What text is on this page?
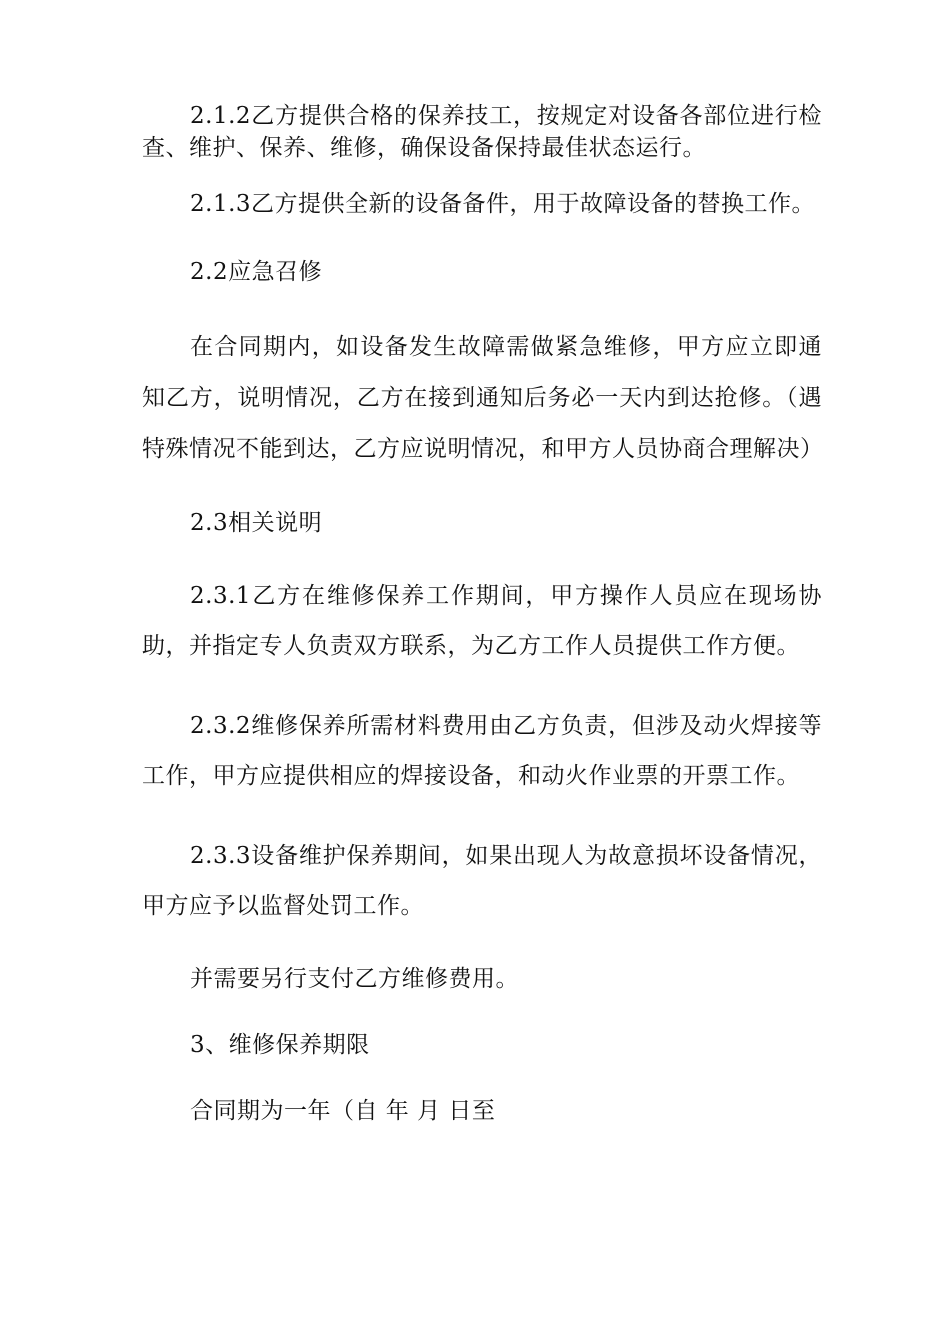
2.1.2乙方提供合格的保养技工，按规定对设备各部位进行检查、维护、保养、维修，确保设备保持最佳状态运行。

2.1.3乙方提供全新的设备备件，用于故障设备的替换工作。

2.2应急召修

在合同期内，如设备发生故障需做紧急维修，甲方应立即通知乙方，说明情况，乙方在接到通知后务必一天内到达抢修。（遇 特殊情况不能到达，乙方应说明情况，和甲方人员协商合理解决）

2.3相关说明

2.3.1乙方在维修保养工作期间，甲方操作人员应在现场协助，并指定专人负责双方联系，为乙方工作人员提供工作方便。

2.3.2维修保养所需材料费用由乙方负责，但涉及动火焊接等工作，甲方应提供相应的焊接设备，和动火作业票的开票工作。

2.3.3设备维护保养期间，如果出现人为故意损坏设备情况，甲方应予以监督处罚工作。

并需要另行支付乙方维修费用。

3、维修保养期限

合同期为一年（自 年 月 日至
